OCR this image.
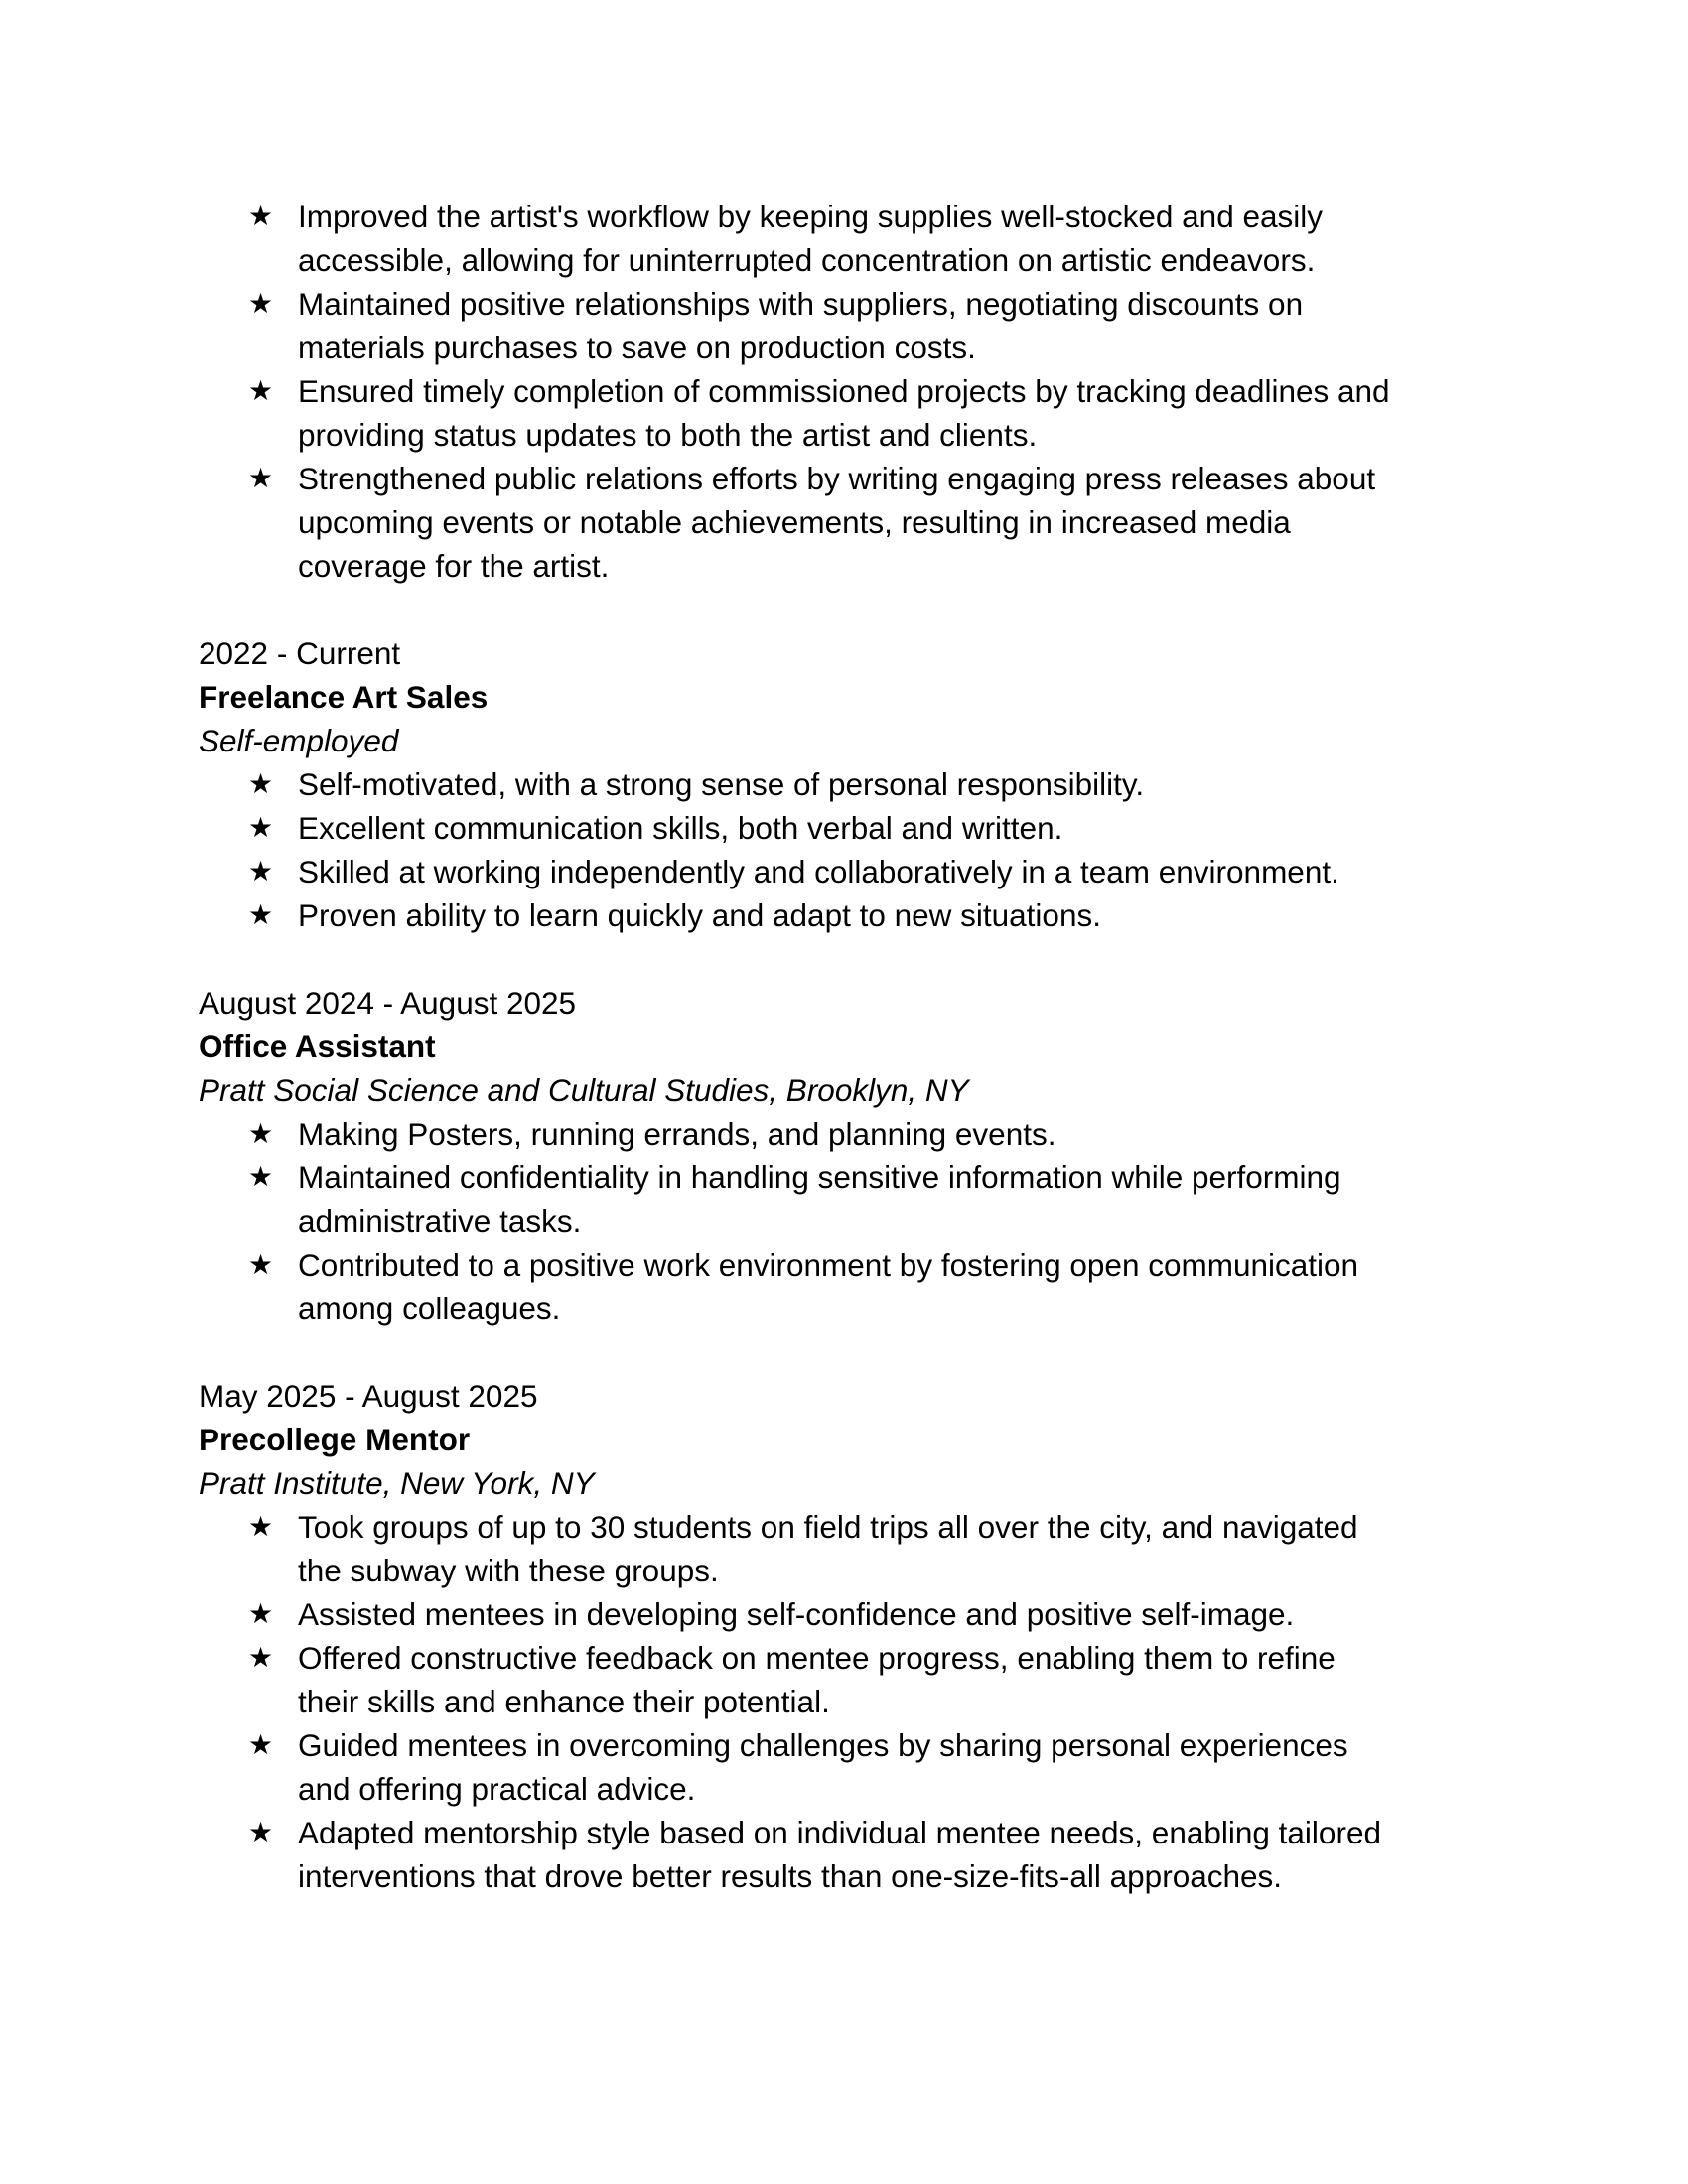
★ Improved the artist's workflow by keeping supplies well-stocked and easily accessible, allowing for uninterrupted concentration on artistic endeavors.
★ Maintained positive relationships with suppliers, negotiating discounts on materials purchases to save on production costs.
★ Ensured timely completion of commissioned projects by tracking deadlines and providing status updates to both the artist and clients.
★ Strengthened public relations efforts by writing engaging press releases about upcoming events or notable achievements, resulting in increased media coverage for the artist.
2022 - Current
Freelance Art Sales
Self-employed
★ Self-motivated, with a strong sense of personal responsibility.
★ Excellent communication skills, both verbal and written.
★ Skilled at working independently and collaboratively in a team environment.
★ Proven ability to learn quickly and adapt to new situations.
August 2024 - August 2025
Office Assistant
Pratt Social Science and Cultural Studies, Brooklyn, NY
★ Making Posters, running errands, and planning events.
★ Maintained confidentiality in handling sensitive information while performing administrative tasks.
★ Contributed to a positive work environment by fostering open communication among colleagues.
May 2025 - August 2025
Precollege Mentor
Pratt Institute, New York, NY
★ Took groups of up to 30 students on field trips all over the city, and navigated the subway with these groups.
★ Assisted mentees in developing self-confidence and positive self-image.
★ Offered constructive feedback on mentee progress, enabling them to refine their skills and enhance their potential.
★ Guided mentees in overcoming challenges by sharing personal experiences and offering practical advice.
★ Adapted mentorship style based on individual mentee needs, enabling tailored interventions that drove better results than one-size-fits-all approaches.
